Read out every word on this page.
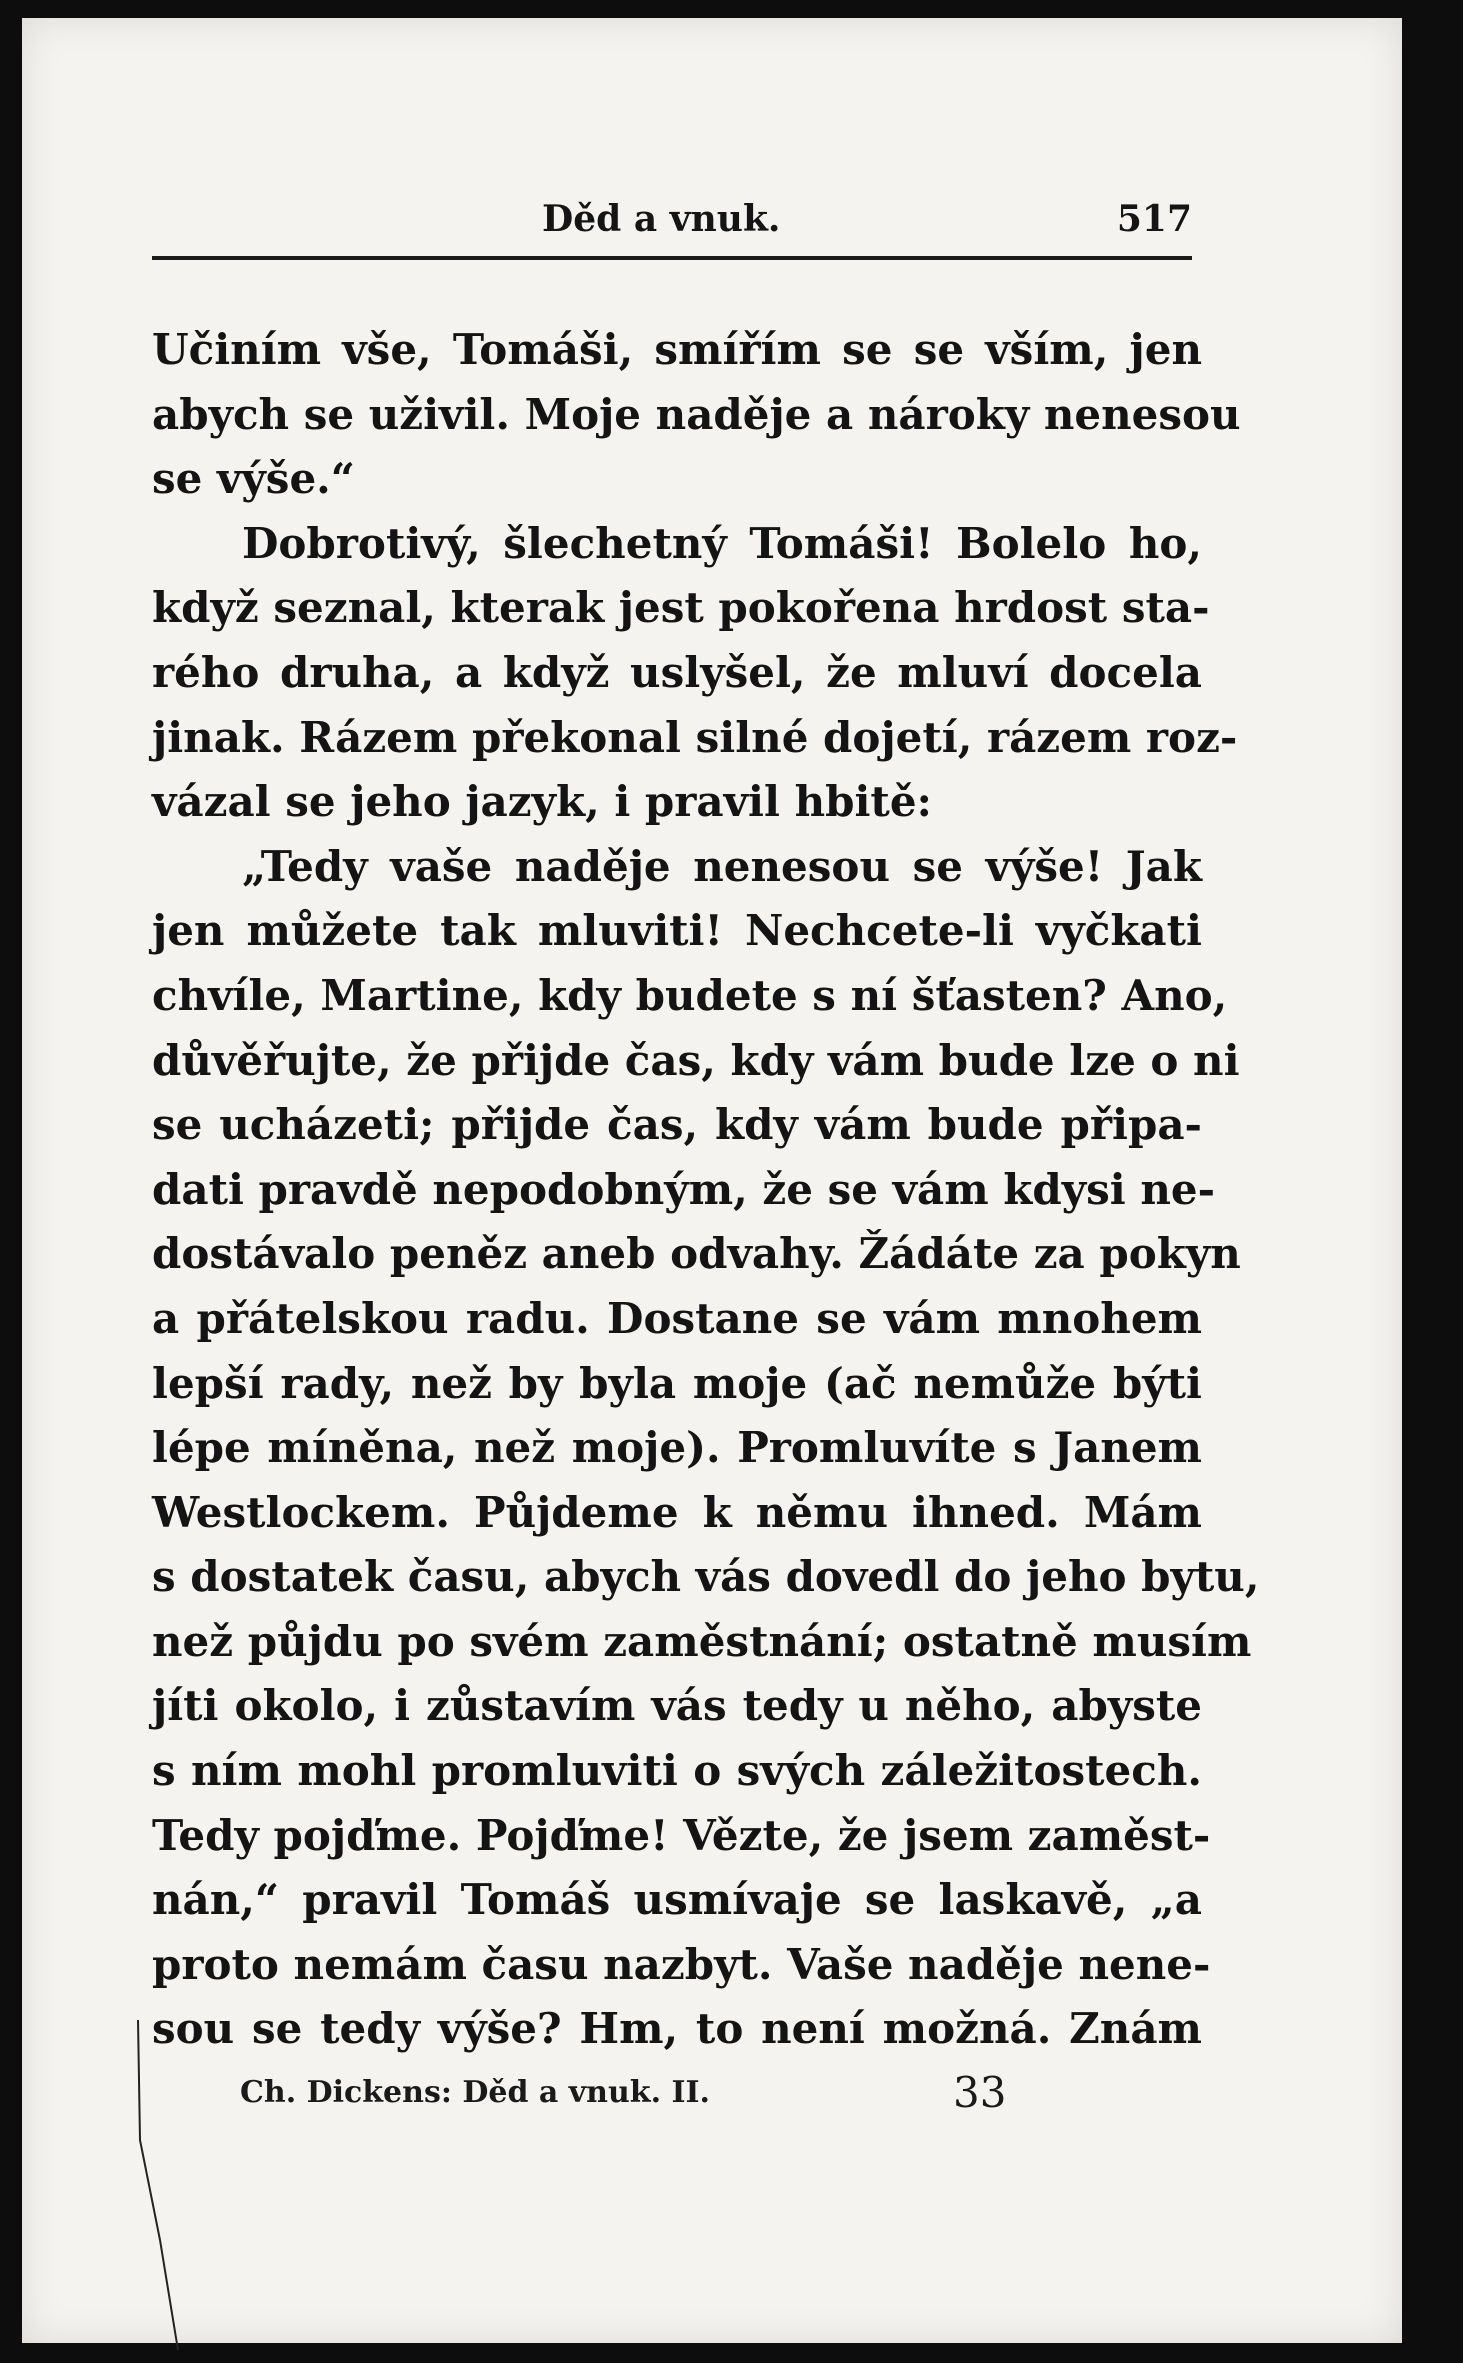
Děd a vnuk.	517
Učiním vše, Tomáši, smířím se se vším, jen
abych se uživil. Moje naděje a nároky nenesou
se výše.“
Dobrotivý, šlechetný Tomáši! Bolelo ho,
když seznal, kterak jest pokořena hrdost sta-
rého druha, a když uslyšel, že mluví docela
jinak. Rázem překonal silné dojetí, rázem roz-
vázal se jeho jazyk, i pravil hbitě:
„Tedy vaše naděje nenesou se výše! Jak
jen můžete tak mluviti! Nechcete-li vyčkati
chvíle, Martine, kdy budete s ní šťasten? Ano,
důvěřujte, že přijde čas, kdy vám bude lze o ni
se ucházeti; přijde čas, kdy vám bude připa-
dati pravdě nepodobným, že se vám kdysi ne-
dostávalo peněz aneb odvahy. Žádáte za pokyn
a přátelskou radu. Dostane se vám mnohem
lepší rady, než by byla moje (ač nemůže býti
lépe míněna, než moje). Promluvíte s Janem
Westlockem. Půjdeme k němu ihned. Mám
s dostatek času, abych vás dovedl do jeho bytu,
než půjdu po svém zaměstnání; ostatně musím
jíti okolo, i zůstavím vás tedy u něho, abyste
s ním mohl promluviti o svých záležitostech.
Tedy pojďme. Pojďme! Vězte, že jsem zaměst-
nán,“ pravil Tomáš usmívaje se laskavě, „a
proto nemám času nazbyt. Vaše naděje nene-
sou se tedy výše? Hm, to není možná. Znám
Ch. Dickens: Děd a vnuk. II.	33
